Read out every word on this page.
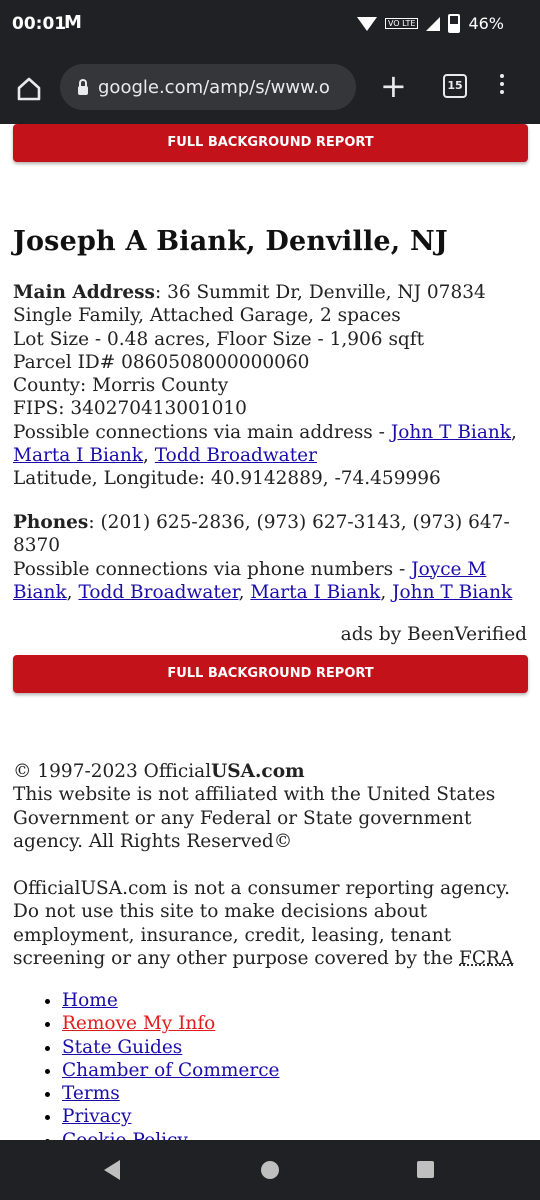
00:01
M	VO LTE	46%
google.com/amp/s/www.o +	15
FULL BACKGROUND REPORT
Joseph A Biank, Denville, NJ
Main Address: 36 Summit Dr, Denville, NJ 07834
Single Family, Attached Garage, 2 spaces
Lot Size - 0.48 acres, Floor Size - 1,906 sqft
Parcel ID# 0860508000000060
County: Morris County
FIPS: 340270413001010
Possible connections via main address - John T Biank, Marta I Biank, Todd Broadwater
Latitude, Longitude: 40.9142889, -74.459996
Phones: (201) 625-2836, (973) 627-3143, (973) 647-8370
Possible connections via phone numbers - Joyce M Biank, Todd Broadwater, Marta I Biank, John T Biank
ads by BeenVerified
FULL BACKGROUND REPORT
© 1997-2023 OfficialUSA.com
This website is not affiliated with the United States Government or any Federal or State government agency. All Rights Reserved©
OfficialUSA.com is not a consumer reporting agency. Do not use this site to make decisions about employment, insurance, credit, leasing, tenant screening or any other purpose covered by the FCRA
• Home
• Remove My Info
• State Guides
• Chamber of Commerce
• Terms
• Privacy
•
